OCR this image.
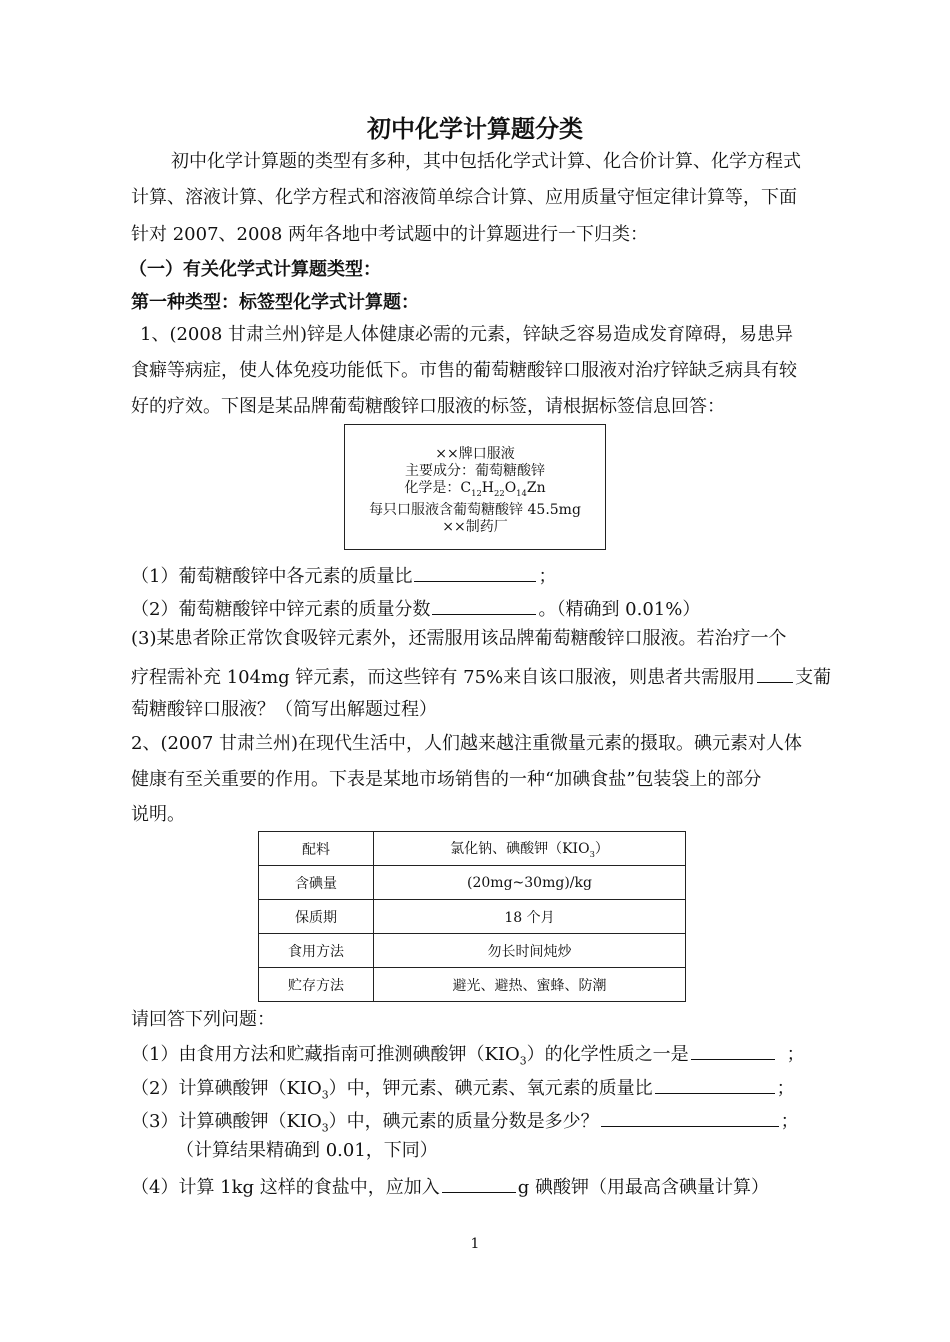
初中化学计算题分类
初中化学计算题的类型有多种，其中包括化学式计算、化合价计算、化学方程式
计算、溶液计算、化学方程式和溶液简单综合计算、应用质量守恒定律计算等，下面
针对 2007、2008 两年各地中考试题中的计算题进行一下归类：
（一）有关化学式计算题类型：
第一种类型：标签型化学式计算题：
1、(2008 甘肃兰州)锌是人体健康必需的元素，锌缺乏容易造成发育障碍，易患异
食癖等病症，使人体免疫功能低下。市售的葡萄糖酸锌口服液对治疗锌缺乏病具有较
好的疗效。下图是某品牌葡萄糖酸锌口服液的标签，请根据标签信息回答：
××牌口服液
主要成分：葡萄糖酸锌
化学是：$C_{12}H_{22}O_{14}Zn$
每只口服液含葡萄糖酸锌 45.5mg
××制药厂
（1）葡萄糖酸锌中各元素的质量比	；
（2）葡萄糖酸锌中锌元素的质量分数	。（精确到 0.01%）
(3)某患者除正常饮食吸锌元素外，还需服用该品牌葡萄糖酸锌口服液。若治疗一个
疗程需补充 104mg 锌元素，而这些锌有 75%来自该口服液，则患者共需服用 支葡
萄糖酸锌口服液？（简写出解题过程）
2、(2007 甘肃兰州)在现代生活中，人们越来越注重微量元素的摄取。碘元素对人体
健康有至关重要的作用。下表是某地市场销售的一种“加碘食盐”包装袋上的部分
说明。
配料	氯化钠、碘酸钾$(KIO_3)$
含碘量	(20mg~30mg)/kg
保质期	18 个月
食用方法	勿长时间炖炒
贮存方法	避光、避热、蜜蜂、防潮
请回答下列问题：
（1）由食用方法和贮藏指南可推测碘酸钾$(KIO_3)$的化学性质之一是	；
（2）计算碘酸钾$(KIO_3)$中，钾元素、碘元素、氧元素的质量比	；
（3）计算碘酸钾$(KIO_3)$中，碘元素的质量分数是多少？	；
（计算结果精确到 0.01，下同）
（4）计算 1kg 这样的食盐中，应加入	g 碘酸钾（用最高含碘量计算）
1
